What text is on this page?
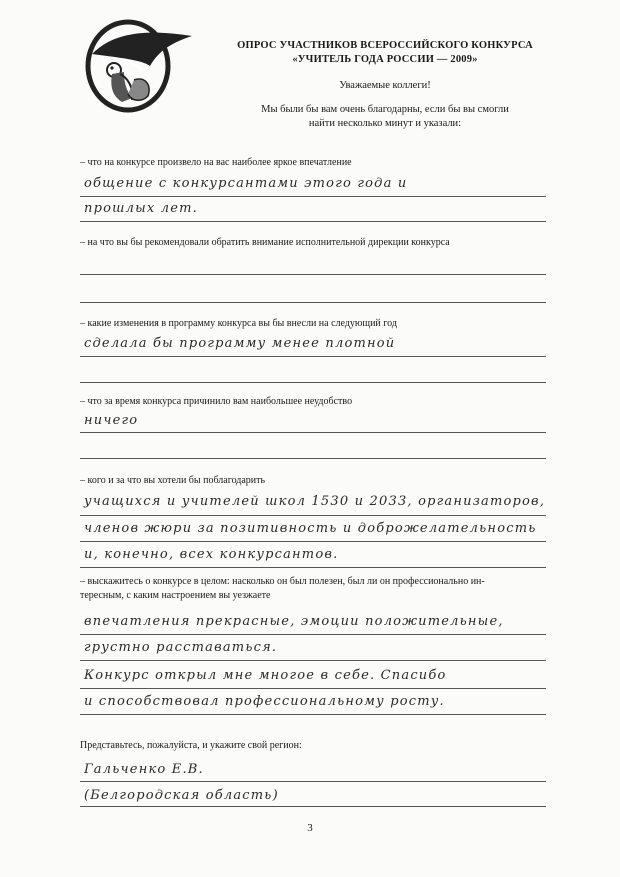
ОПРОС УЧАСТНИКОВ ВСЕРОССИЙСКОГО КОНКУРСА
«УЧИТЕЛЬ ГОДА РОССИИ — 2009»
Уважаемые коллеги!
Мы были бы вам очень благодарны, если бы вы смогли
найти несколько минут и указали:
– что на конкурсе произвело на вас наиболее яркое впечатление
общение с конкурсантами этого года и
прошлых лет.
– на что вы бы рекомендовали обратить внимание исполнительной дирекции конкурса
– какие изменения в программу конкурса вы бы внесли на следующий год
сделала бы программу менее плотной
– что за время конкурса причинило вам наибольшее неудобство
ничего
– кого и за что вы хотели бы поблагодарить
учащихся и учителей школ 1530 и 2033, организаторов,
членов жюри за позитивность и доброжелательность
и, конечно, всех конкурсантов.
– выскажитесь о конкурсе в целом: насколько он был полезен, был ли он профессионально ин-
тересным, с каким настроением вы уезжаете
впечатления прекрасные, эмоции положительные,
грустно расставаться.
Конкурс открыл мне многое в себе. Спасибо
и способствовал профессиональному росту.
Представьтесь, пожалуйста, и укажите свой регион:
Гальченко Е.В.
(Белгородская область)
3
